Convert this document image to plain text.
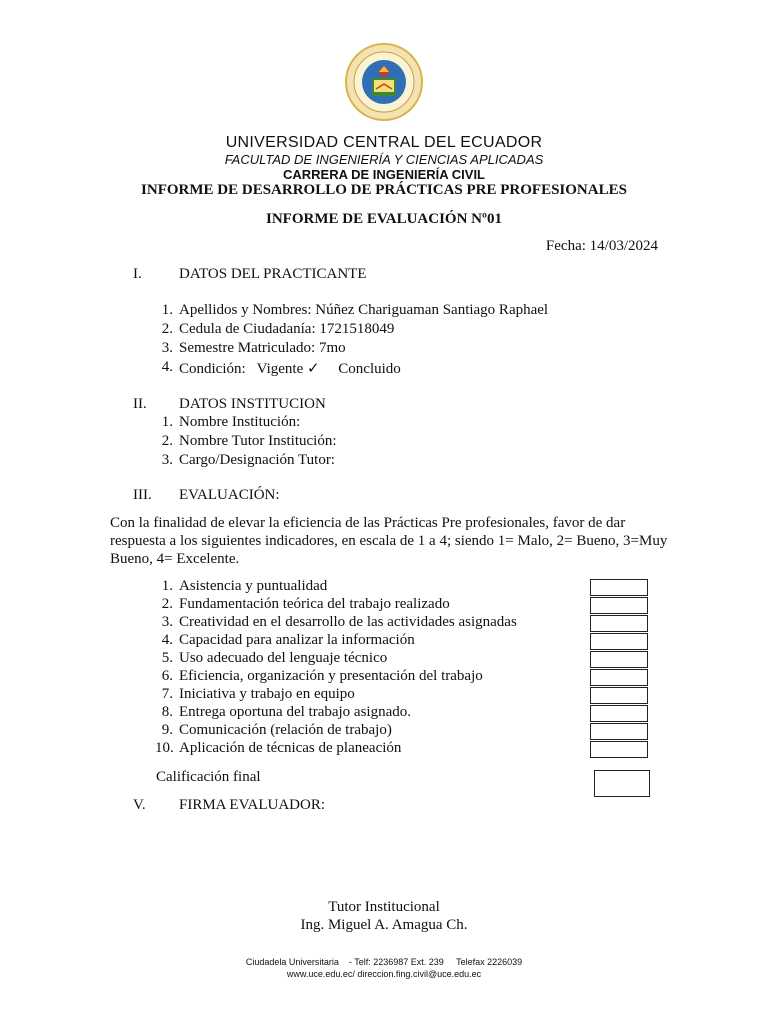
UNIVERSIDAD CENTRAL DEL ECUADOR
FACULTAD DE INGENIERÍA Y CIENCIAS APLICADAS
CARRERA DE INGENIERÍA CIVIL
INFORME DE DESARROLLO DE PRÁCTICAS PRE PROFESIONALES
INFORME DE EVALUACIÓN Nº01
Fecha: 14/03/2024
I. DATOS DEL PRACTICANTE
1. Apellidos y Nombres: Núñez Chariguaman Santiago Raphael
2. Cedula de Ciudadanía: 1721518049
3. Semestre Matriculado: 7mo
4. Condición:   Vigente ✓     Concluido
II. DATOS INSTITUCION
1. Nombre Institución:
2. Nombre Tutor Institución:
3. Cargo/Designación Tutor:
III. EVALUACIÓN:
Con la finalidad de elevar la eficiencia de las Prácticas Pre profesionales, favor de dar respuesta a los siguientes indicadores, en escala de 1 a 4; siendo 1= Malo, 2= Bueno, 3=Muy Bueno, 4= Excelente.
1. Asistencia y puntualidad
2. Fundamentación teórica del trabajo realizado
3. Creatividad en el desarrollo de las actividades asignadas
4. Capacidad para analizar la información
5. Uso adecuado del lenguaje técnico
6. Eficiencia, organización y presentación del trabajo
7. Iniciativa y trabajo en equipo
8. Entrega oportuna del trabajo asignado.
9. Comunicación (relación de trabajo)
10. Aplicación de técnicas de planeación
Calificación final
V. FIRMA EVALUADOR:
Tutor Institucional
Ing. Miguel A. Amagua Ch.
Ciudadela Universitaria    - Telf: 2236987 Ext. 239     Telefax 2226039
www.uce.edu.ec/ direccion.fing.civil@uce.edu.ec
